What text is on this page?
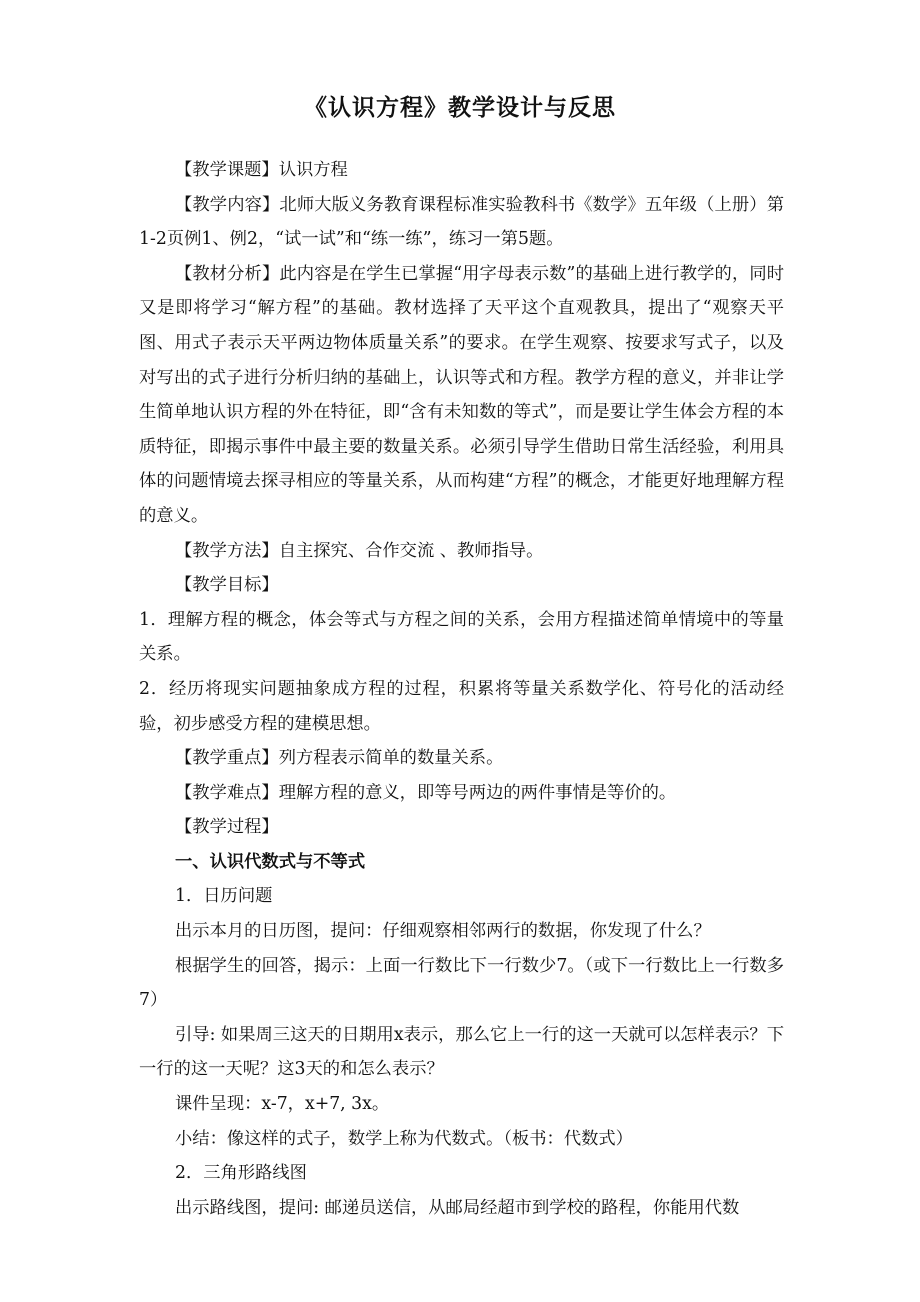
《认识方程》教学设计与反思

【教学课题】认识方程

【教学内容】北师大版义务教育课程标准实验教科书《数学》五年级（上册）第1-2页例1、例2，“试一试”和“练一练”，练习一第5题。

【教材分析】此内容是在学生已掌握“用字母表示数”的基础上进行教学的，同时又是即将学习“解方程”的基础。教材选择了天平这个直观教具，提出了“观察天平图、用式子表示天平两边物体质量关系”的要求。在学生观察、按要求写式子，以及对写出的式子进行分析归纳的基础上，认识等式和方程。教学方程的意义，并非让学生简单地认识方程的外在特征，即“含有未知数的等式”，而是要让学生体会方程的本质特征，即揭示事件中最主要的数量关系。必须引导学生借助日常生活经验，利用具体的问题情境去探寻相应的等量关系，从而构建“方程”的概念，才能更好地理解方程的意义。

【教学方法】自主探究、合作交流 、教师指导。

【教学目标】

1．理解方程的概念，体会等式与方程之间的关系，会用方程描述简单情境中的等量关系。

2．经历将现实问题抽象成方程的过程，积累将等量关系数学化、符号化的活动经验，初步感受方程的建模思想。

【教学重点】列方程表示简单的数量关系。

【教学难点】理解方程的意义，即等号两边的两件事情是等价的。

【教学过程】

一、认识代数式与不等式

1．日历问题

出示本月的日历图，提问：仔细观察相邻两行的数据，你发现了什么？

根据学生的回答，揭示：上面一行数比下一行数少7。（或下一行数比上一行数多7）

引导: 如果周三这天的日期用x表示，那么它上一行的这一天就可以怎样表示？下一行的这一天呢？这3天的和怎么表示？

课件呈现：x-7，x+7, 3x。

小结：像这样的式子，数学上称为代数式。（板书：代数式）

2．三角形路线图

出示路线图，提问: 邮递员送信，从邮局经超市到学校的路程，你能用代数
